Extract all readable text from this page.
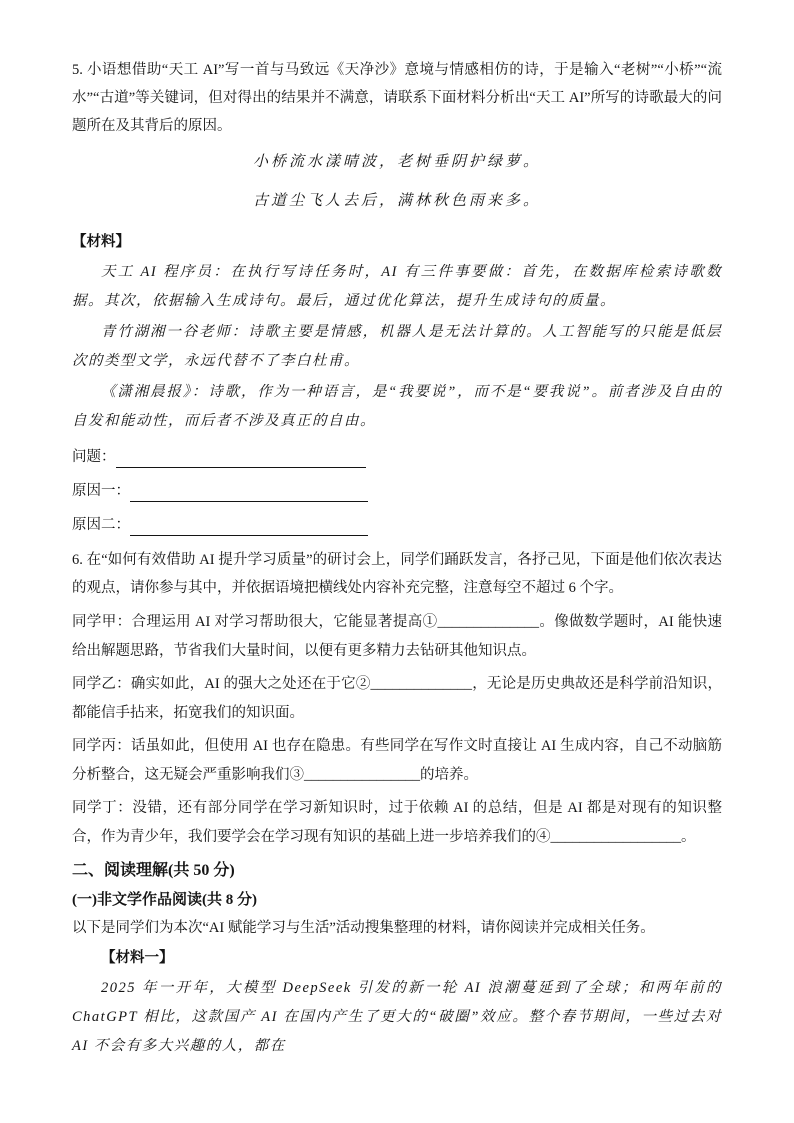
5. 小语想借助“天工 AI”写一首与马致远《天净沙》意境与情感相仿的诗，于是输入“老树”“小桥”“流水”“古道”等关键词，但对得出的结果并不满意，请联系下面材料分析出“天工 AI”所写的诗歌最大的问题所在及其背后的原因。

小桥流水漾晴波，老树垂阴护绿萝。

古道尘飞人去后，满林秋色雨来多。

【材料】

天工 AI 程序员：在执行写诗任务时，AI 有三件事要做：首先，在数据库检索诗歌数据。其次，依据输入生成诗句。最后，通过优化算法，提升生成诗句的质量。

青竹湖湘一谷老师：诗歌主要是情感，机器人是无法计算的。人工智能写的只能是低层次的类型文学，永远代替不了李白杜甫。

《潇湘晨报》：诗歌，作为一种语言，是“我要说”，而不是“要我说”。前者涉及自由的自发和能动性，而后者不涉及真正的自由。

问题：
原因一：
原因二：

6. 在“如何有效借助 AI 提升学习质量”的研讨会上，同学们踊跃发言，各抒己见，下面是他们依次表达的观点，请你参与其中，并依据语境把横线处内容补充完整，注意每空不超过 6 个字。

同学甲：合理运用 AI 对学习帮助很大，它能显著提高①______________。像做数学题时，AI 能快速给出解题思路，节省我们大量时间，以便有更多精力去钻研其他知识点。

同学乙：确实如此，AI 的强大之处还在于它②______________，无论是历史典故还是科学前沿知识，都能信手拈来，拓宽我们的知识面。

同学丙：话虽如此，但使用 AI 也存在隐患。有些同学在写作文时直接让 AI 生成内容，自己不动脑筋分析整合，这无疑会严重影响我们③________________的培养。

同学丁：没错，还有部分同学在学习新知识时，过于依赖 AI 的总结，但是 AI 都是对现有的知识整合，作为青少年，我们要学会在学习现有知识的基础上进一步培养我们的④__________________。

二、阅读理解(共 50 分)
(一)非文学作品阅读(共 8 分)

以下是同学们为本次“AI 赋能学习与生活”活动搜集整理的材料，请你阅读并完成相关任务。

【材料一】

2025 年一开年，大模型 DeepSeek 引发的新一轮 AI 浪潮蔓延到了全球；和两年前的 ChatGPT 相比，这款国产 AI 在国内产生了更大的“破圈”效应。整个春节期间，一些过去对 AI 不会有多大兴趣的人，都在
